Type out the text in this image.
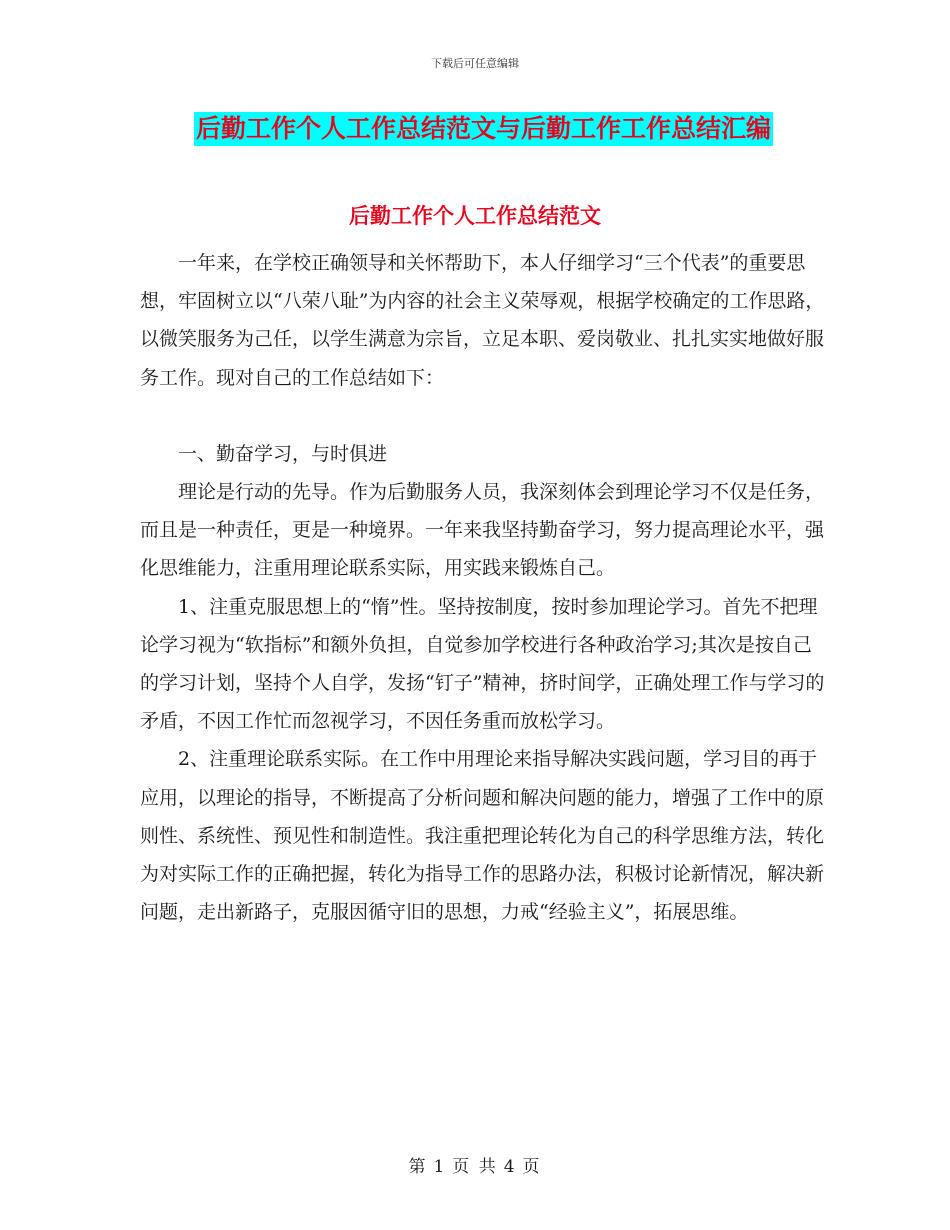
下载后可任意编辑
后勤工作个人工作总结范文与后勤工作工作总结汇编
后勤工作个人工作总结范文

一年来，在学校正确领导和关怀帮助下，本人仔细学习“三个代表”的重要思想，牢固树立以“八荣八耻”为内容的社会主义荣辱观，根据学校确定的工作思路，以微笑服务为己任，以学生满意为宗旨，立足本职、爱岗敬业、扎扎实实地做好服务工作。现对自己的工作总结如下：

一、勤奋学习，与时俱进

理论是行动的先导。作为后勤服务人员，我深刻体会到理论学习不仅是任务，而且是一种责任，更是一种境界。一年来我坚持勤奋学习，努力提高理论水平，强化思维能力，注重用理论联系实际，用实践来锻炼自己。

1、注重克服思想上的“惰”性。坚持按制度，按时参加理论学习。首先不把理论学习视为“软指标”和额外负担，自觉参加学校进行各种政治学习;其次是按自己的学习计划，坚持个人自学，发扬“钉子”精神，挤时间学，正确处理工作与学习的矛盾，不因工作忙而忽视学习，不因任务重而放松学习。

2、注重理论联系实际。在工作中用理论来指导解决实践问题，学习目的再于应用，以理论的指导，不断提高了分析问题和解决问题的能力，增强了工作中的原则性、系统性、预见性和制造性。我注重把理论转化为自己的科学思维方法，转化为对实际工作的正确把握，转化为指导工作的思路办法，积极讨论新情况，解决新问题，走出新路子，克服因循守旧的思想，力戒“经验主义”，拓展思维。

第 1 页 共 4 页
